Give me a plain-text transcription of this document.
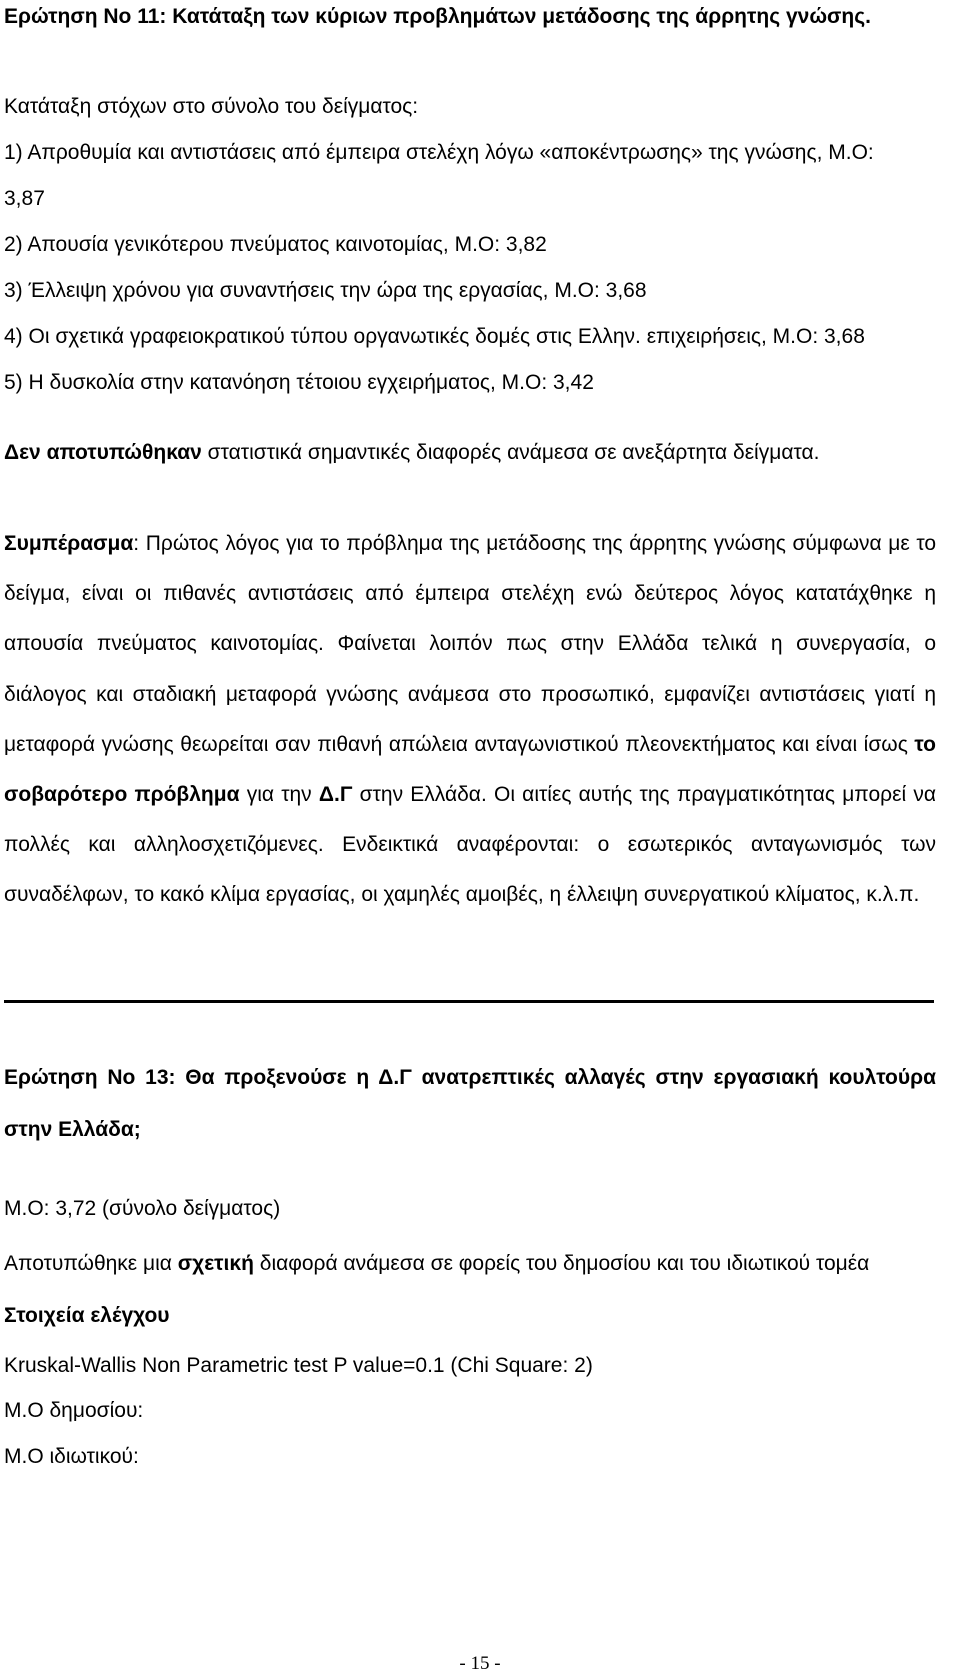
Ερώτηση Νο 11: Κατάταξη των κύριων προβλημάτων μετάδοσης της άρρητης γνώσης.
Κατάταξη στόχων στο σύνολο του δείγματος:
1) Απροθυμία και αντιστάσεις από έμπειρα στελέχη λόγω «αποκέντρωσης» της γνώσης, Μ.Ο:
3,87
2) Απουσία γενικότερου πνεύματος καινοτομίας, Μ.Ο: 3,82
3) Έλλειψη χρόνου για συναντήσεις την ώρα της εργασίας, Μ.Ο: 3,68
4) Οι σχετικά γραφειοκρατικού τύπου οργανωτικές δομές στις Ελλην. επιχειρήσεις, Μ.Ο: 3,68
5) Η δυσκολία στην κατανόηση τέτοιου εγχειρήματος, Μ.Ο: 3,42
Δεν αποτυπώθηκαν στατιστικά σημαντικές διαφορές ανάμεσα σε ανεξάρτητα δείγματα.
Συμπέρασμα: Πρώτος λόγος για το πρόβλημα της μετάδοσης της άρρητης γνώσης σύμφωνα με το δείγμα, είναι οι πιθανές αντιστάσεις από έμπειρα στελέχη ενώ δεύτερος λόγος κατατάχθηκε η απουσία πνεύματος καινοτομίας. Φαίνεται λοιπόν πως στην Ελλάδα τελικά η συνεργασία, ο διάλογος και σταδιακή μεταφορά γνώσης ανάμεσα στο προσωπικό, εμφανίζει αντιστάσεις γιατί η μεταφορά γνώσης θεωρείται σαν πιθανή απώλεια ανταγωνιστικού πλεονεκτήματος και είναι ίσως το σοβαρότερο πρόβλημα για την Δ.Γ στην Ελλάδα. Οι αιτίες αυτής της πραγματικότητας μπορεί να πολλές και αλληλοσχετιζόμενες. Ενδεικτικά αναφέρονται: ο εσωτερικός ανταγωνισμός των συναδέλφων, το κακό κλίμα εργασίας, οι χαμηλές αμοιβές, η έλλειψη συνεργατικού κλίματος, κ.λ.π.
Ερώτηση Νο 13: Θα προξενούσε η Δ.Γ ανατρεπτικές αλλαγές στην εργασιακή κουλτούρα στην Ελλάδα;
Μ.Ο: 3,72 (σύνολο δείγματος)
Αποτυπώθηκε μια σχετική διαφορά ανάμεσα σε φορείς του δημοσίου και του ιδιωτικού τομέα
Στοιχεία ελέγχου
Kruskal-Wallis Non Parametric test P value=0.1 (Chi Square: 2)
Μ.Ο δημοσίου:
Μ.Ο ιδιωτικού:
- 15 -
